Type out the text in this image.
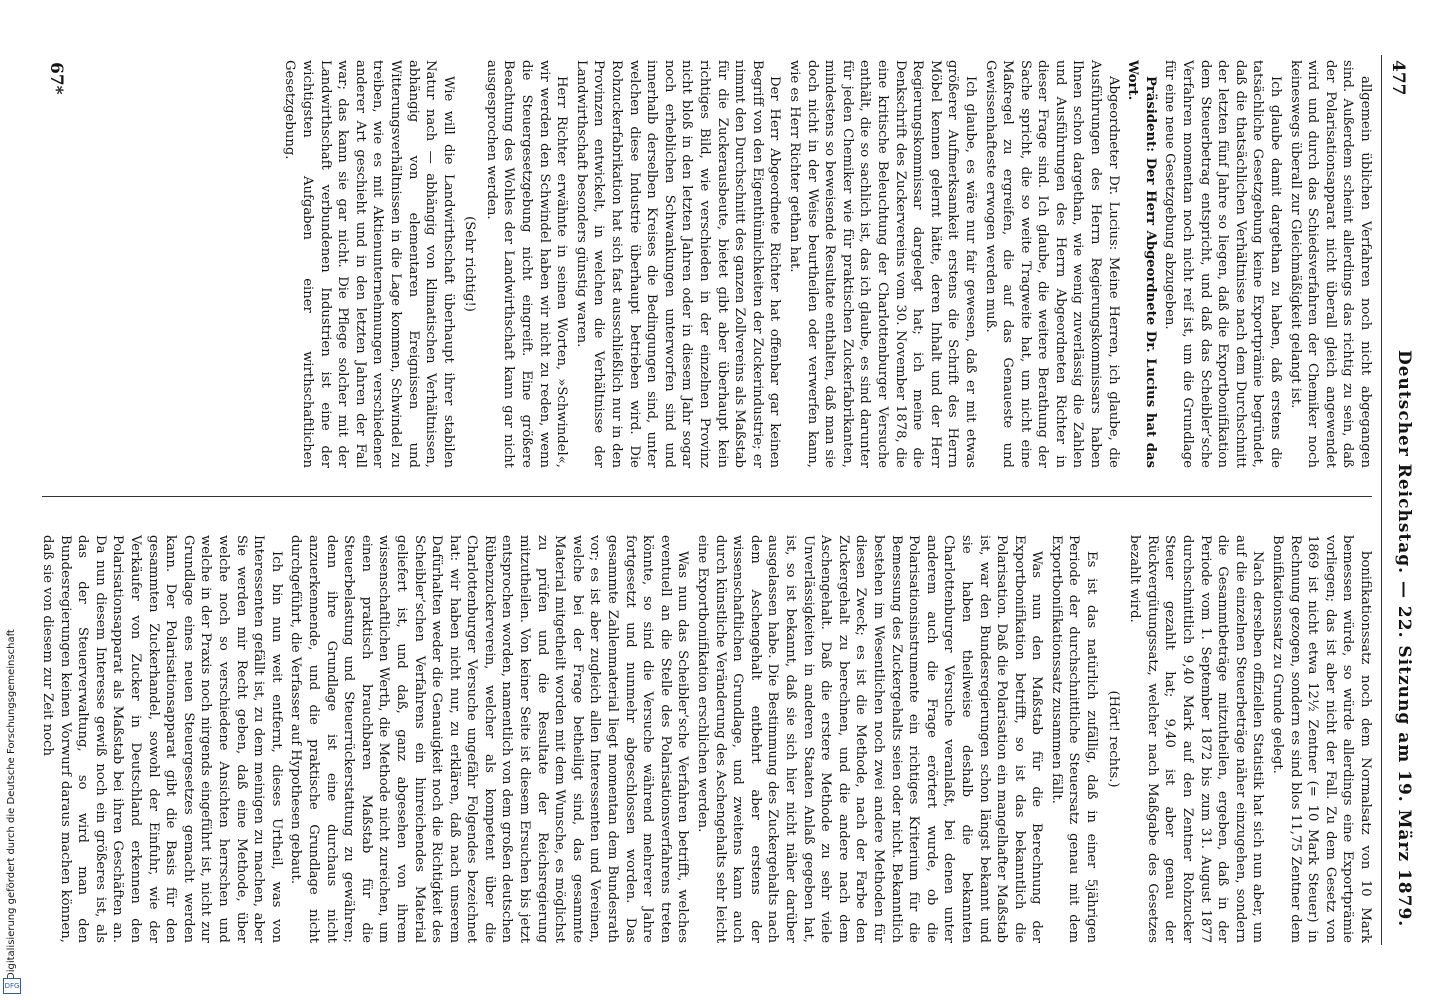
477
Deutscher Reichstag. — 22. Sitzung am 19. März 1879.

allgemein üblichen Verfahren noch nicht abgegangen sind. Außerdem scheint allerdings das richtig zu sein, daß der Polarisationsapparat nicht überall gleich angewendet wird und durch das Schiedsverfahren der Chemiker noch keineswegs überall zur Gleichmäßigkeit gelangt ist.

Ich glaube damit dargethan zu haben, daß erstens die tatsächliche Gesetzgebung keine Exportprämie begründet, daß die thatsächlichen Verhältnisse nach dem Durchschnitt der letzten fünf Jahre so liegen, daß die Exportbonifikation dem Steuerbetrag entspricht, und daß das Scheibler’sche Verfahren momentan noch nicht reif ist, um die Grundlage für eine neue Gesetzgebung abzugeben.

Präsident: Der Herr Abgeordnete Dr. Lucius hat das Wort.

Abgeordneter Dr. Lucius: Meine Herren, ich glaube, die Ausführungen des Herrn Regierungskommissars haben Ihnen schon dargethan, wie wenig zuverlässig die Zahlen und Ausführungen des Herrn Abgeordneten Richter in dieser Frage sind. Ich glaube, die weitere Berathung der Sache spricht, die so weite Tragweite hat, um nicht eine Maßregel zu ergreifen, die auf das Genaueste und Gewissenhafteste erwogen werden muß.

Ich glaube, es wäre nur fair gewesen, daß er mit etwas größerer Aufmerksamkeit erstens die Schrift des Herrn Möbel kennen gelernt hätte, deren Inhalt und der Herr Regierungskommissar dargelegt hat; ich meine die Denkschrift des Zuckervereins vom 30. November 1878, die eine kritische Beleuchtung der Charlottenburger Versuche enthält, die so sachlich ist, das ich glaube, es sind darunter für jeden Chemiker wie für praktischen Zuckerfabrikanten, mindestens so beweisende Resultate enthalten, daß man sie doch nicht in der Weise beurtheilen oder verwerfen kann, wie es Herr Richter gethan hat.

Der Herr Abgeordnete Richter hat offenbar gar keinen Begriff von den Eigenthümlichkeiten der Zuckerindustrie; er nimmt den Durchschnitt des ganzen Zollvereins als Maßstab für die Zuckerausbeute, bietet gibt aber überhaupt kein richtiges Bild, wie verschieden in der einzelnen Provinz nicht bloß in den letzten Jahren oder in diesem Jahr sogar noch erheblichen Schwankungen unterworfen sind und innerhalb derselben Kreises die Bedingungen sind, unter welchen diese Industrie überhaupt betrieben wird. Die Rohzuckerfabrikation hat sich fast ausschließlich nur in den Provinzen entwickelt, in welchen die Verhältnisse der Landwirthschaft besonders günstig waren.

Herr Richter erwähnte in seinen Worten, »Schwindel«, wir werden den Schwindel haben wir nicht zu reden, wenn die Steuergesetzgebung nicht eingreift. Eine größere Beachtung des Wohles der Landwirthschaft kann gar nicht ausgesprochen werden.

(Sehr richtig!)

Wie will die Landwirthschaft überhaupt ihrer stabilen Natur nach — abhängig von klimatischen Verhältnissen, abhängig von elementaren Ereignissen und Witterungsverhältnissen in die Lage kommen, Schwindel zu treiben, wie es mit Aktienunternehmungen verschiedener anderer Art geschieht und in den letzten Jahren der Fall war; das kann sie gar nicht. Die Pflege solcher mit der Landwirthschaft verbundenen Industrien ist eine der wichtigsten Aufgaben einer wirthschaftlichen Gesetzgebung.

bonifikationssatz noch dem Normalsatz von 10 Mark bemessen würde, so würde allerdings eine Exportprämie vorliegen; das ist aber nicht der Fall. Zu dem Gesetz von 1869 ist nicht etwa 12½ Zentner (= 10 Mark Steuer) in Rechnung gezogen, sondern es sind blos 11,75 Zentner dem Bonifikationssatz zu Grunde gelegt.

Nach derselben offiziellen Statistik hat sich nun aber, um auf die einzelnen Steuerbeträge näher einzugehen, sondern die Gesammtbeträge mitzutheilen, ergeben, daß in der Periode vom 1. September 1872 bis zum 31. August 1877 durchschnittlich 9,40 Mark auf den Zentner Rohzucker Steuer gezahlt hat; 9,40 ist aber genau der Rückvergütungssatz, welcher nach Maßgabe des Gesetzes bezahlt wird.

(Hört! rechts.)

Es ist das natürlich zufällig, daß in einer 5jährigen Periode der durchschnittliche Steuersatz genau mit dem Exportbonifikationssatz zusammen fällt.

Was nun den Maßstab für die Berechnung der Exportbonifikation betrifft, so ist das bekanntlich die Polarisation. Daß die Polarisation ein mangelhafter Maßstab ist, war den Bundesregierungen schon längst bekannt und sie haben theilweise deshalb die bekannten Charlottenburger Versuche veranlaßt, bei denen unter anderem auch die Frage erörtert wurde, ob die Polarisationsinstrumente ein richtiges Kriterium für die Bemessung des Zuckergehalts seien oder nicht. Bekanntlich bestehen im Wesentlichen noch zwei andere Methoden für diesen Zweck; es ist die Methode, nach der Farbe den Zuckergehalt zu berechnen, und die andere nach dem Aschengehalt. Daß die erstere Methode zu sehr viele Unverlässigkeiten in anderen Staaten Anlaß gegeben hat, ist, so ist bekannt, daß sie sich hier nicht näher darüber ausgelassen habe. Die Bestimmung des Zuckergehalts nach dem Aschengehalt entbehrt aber erstens der wissenschaftlichen Grundlage, und zweitens kann auch durch künstliche Veränderung des Aschengehalts sehr leicht eine Exportbonifikation erschlichen werden.

Was nun das Scheibler’sche Verfahren betrifft, welches eventuell an die Stelle des Polarisationsverfahrens treten könnte, so sind die Versuche während mehrerer Jahre fortgesetzt und nunmehr abgeschlossen worden. Das gesammte Zahlenmaterial liegt momentan dem Bundesrath vor; es ist aber zugleich allen Interessenten und Vereinen, welche bei der Frage betheiligt sind, das gesammte Material mitgetheilt worden mit dem Wunsche, es möglichst zu prüfen und die Resultate der Reichsregierung mitzutheilen. Von keiner Seite ist diesem Ersuchen bis jetzt entsprochen worden, namentlich von dem großen deutschen Rübenzuckerverein, welcher als kompetent über die Charlottenburger Versuche ungefähr Folgendes bezeichnet hat: wir haben nicht nur, zu erklären, daß nach unserem Dafürhalten weder die Genauigkeit noch die Richtigkeit des Scheibler’schen Verfahrens ein hinreichendes Material geliefert ist, und daß, ganz abgesehen von ihrem wissenschaftlichen Werth, die Methode nicht zureichen, um einen praktisch brauchbaren Maßstab für die Steuerbelastung und Steuerrückerstattung zu gewähren; denn ihre Grundlage ist eine durchaus nicht anzuerkennende, und die praktische Grundlage nicht durchgeführt, die Verfasser auf Hypothesen gebaut.

Ich bin nun weit entfernt, dieses Urtheil, was von Interessenten gefällt ist, zu dem meinigen zu machen, aber Sie werden mir Recht geben, daß eine Methode, über welche noch so verschiedene Ansichten herrschen und welche in der Praxis noch nirgends eingeführt ist, nicht zur Grundlage eines neuen Steuergesetzes gemacht werden kann. Der Polarisationsapparat gibt die Basis für den gesammten Zuckerhandel, sowohl der Einfuhr, wie der Verkäufer von Zucker in Deutschland erkennen den Polarisationsapparat als Maßstab bei ihren Geschäften an. Da nun diesem Interesse gewiß noch ein größeres ist, als das der Steuerverwaltung, so wird man den Bundesregierungen keinen Vorwurf daraus machen können, daß sie von diesem zur Zeit noch

67*
Digitalisierung gefördert durch die Deutsche Forschungsgemeinschaft
DFG
